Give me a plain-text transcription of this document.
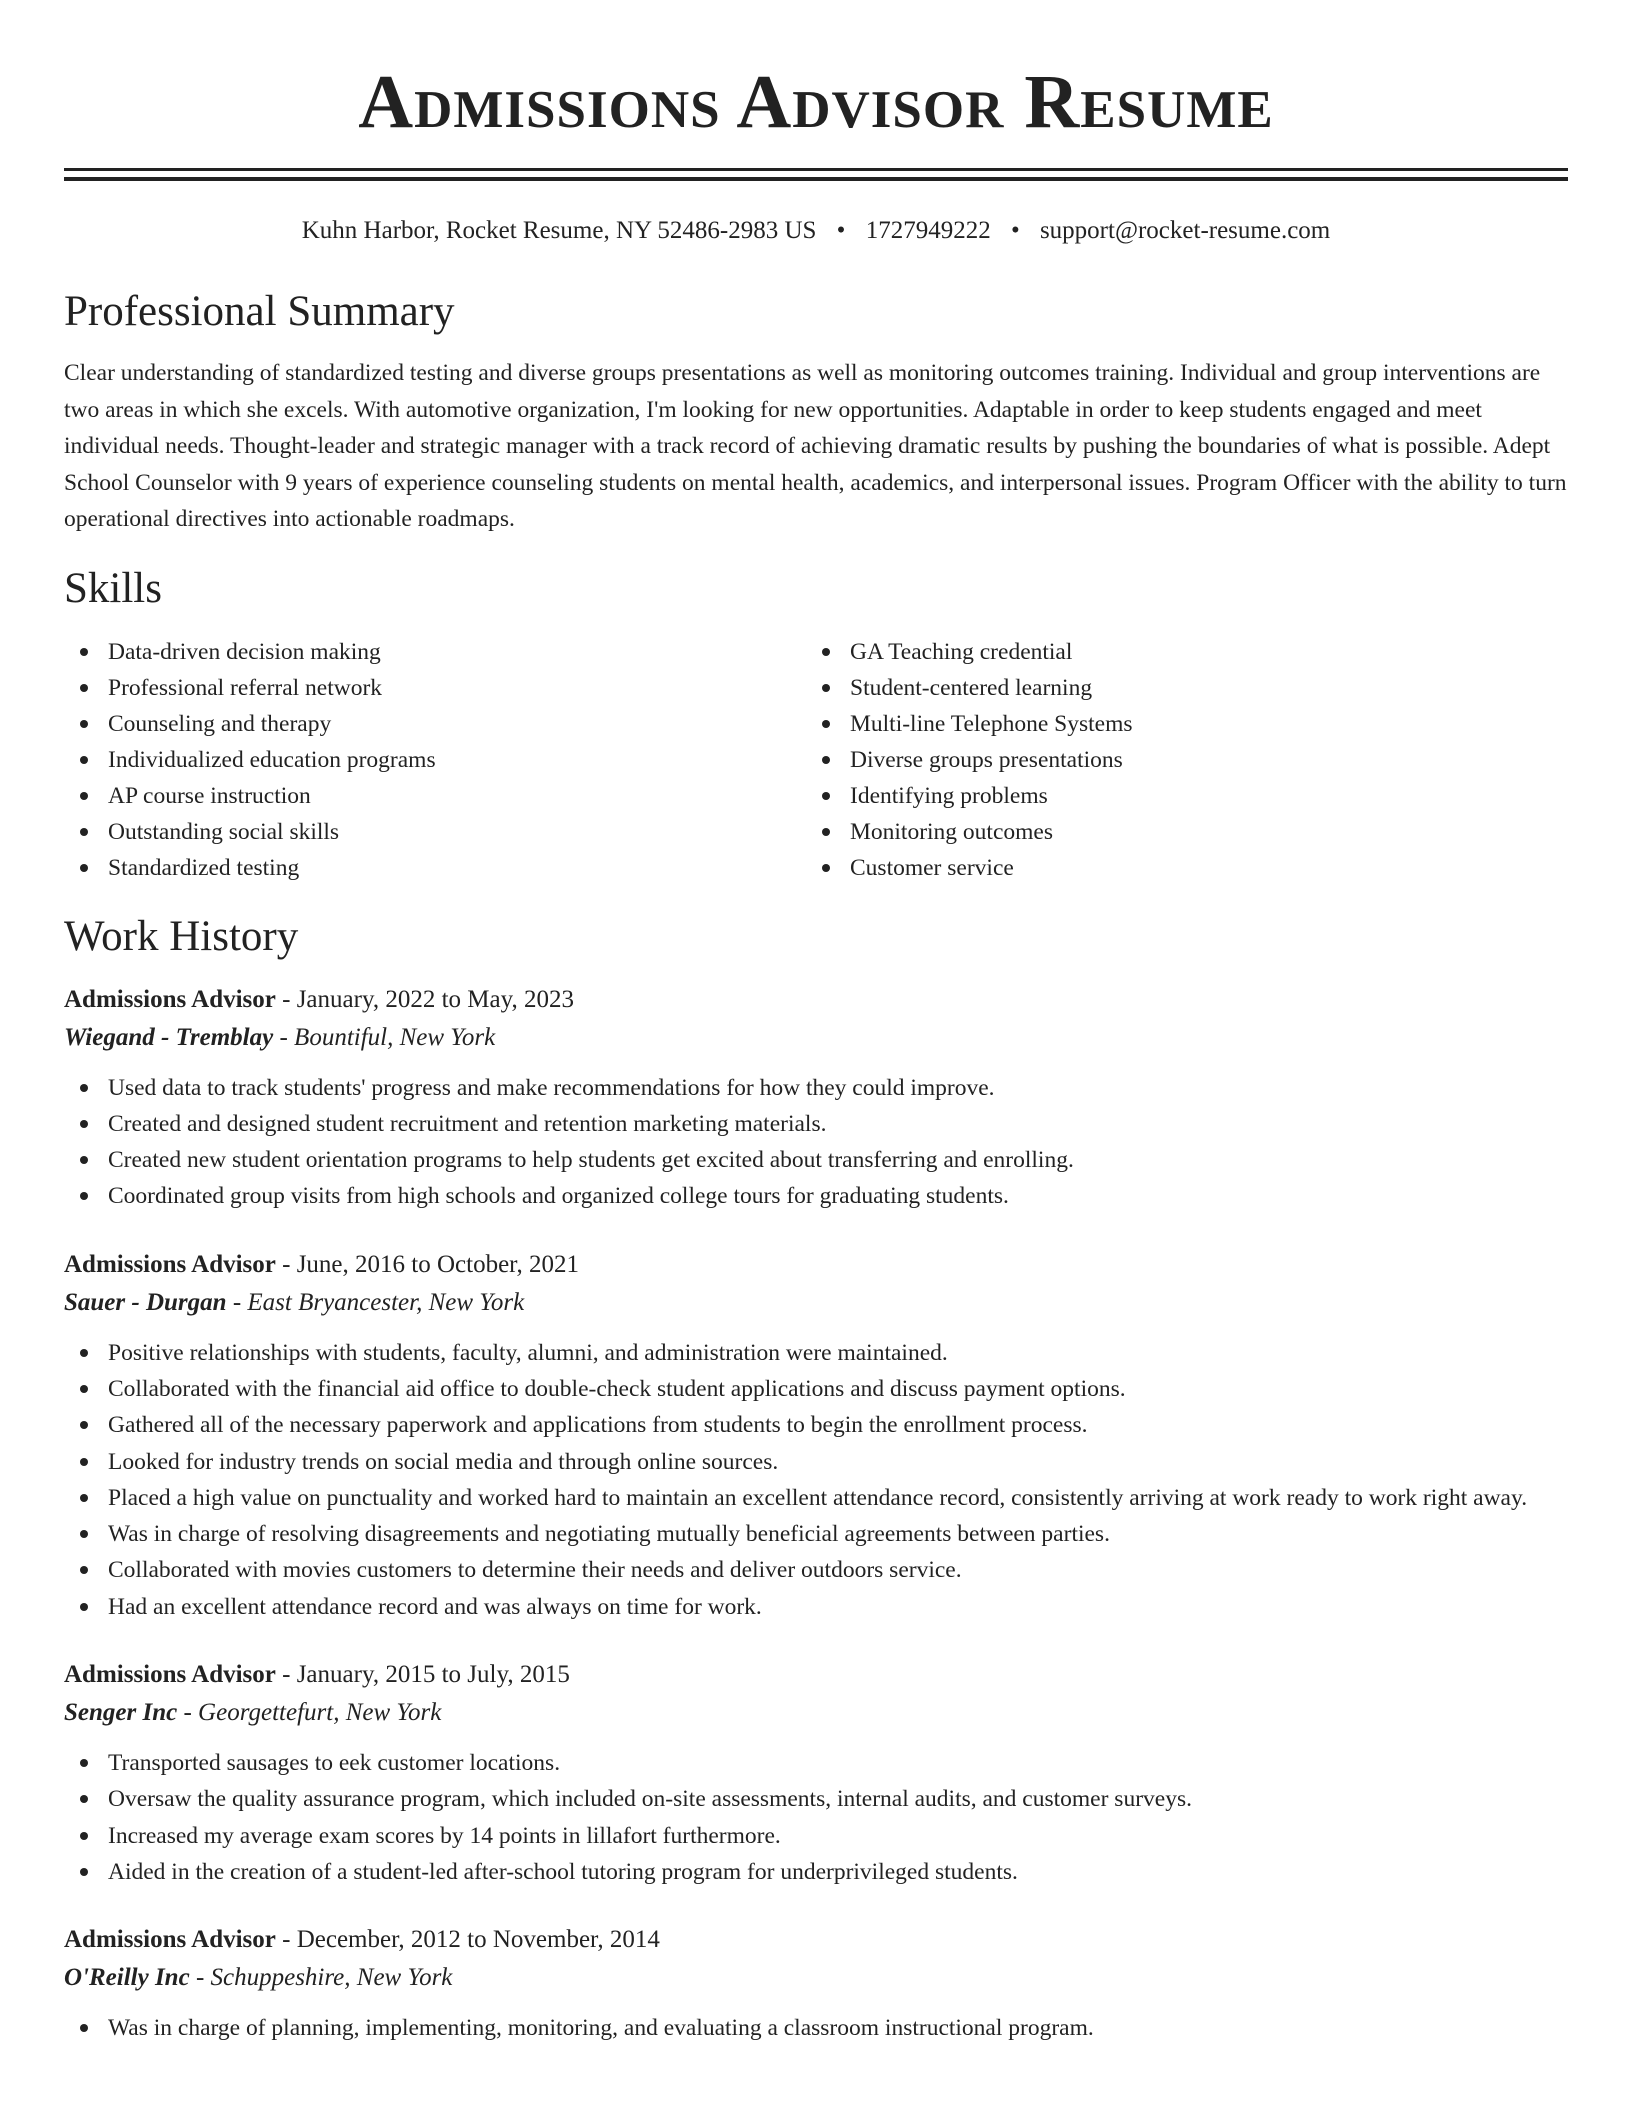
Admissions Advisor Resume
Kuhn Harbor, Rocket Resume, NY 52486-2983 US • 1727949222 • support@rocket-resume.com
Professional Summary
Clear understanding of standardized testing and diverse groups presentations as well as monitoring outcomes training. Individual and group interventions are two areas in which she excels. With automotive organization, I'm looking for new opportunities. Adaptable in order to keep students engaged and meet individual needs. Thought-leader and strategic manager with a track record of achieving dramatic results by pushing the boundaries of what is possible. Adept School Counselor with 9 years of experience counseling students on mental health, academics, and interpersonal issues. Program Officer with the ability to turn operational directives into actionable roadmaps.
Skills
Data-driven decision making
Professional referral network
Counseling and therapy
Individualized education programs
AP course instruction
Outstanding social skills
Standardized testing
GA Teaching credential
Student-centered learning
Multi-line Telephone Systems
Diverse groups presentations
Identifying problems
Monitoring outcomes
Customer service
Work History
Admissions Advisor - January, 2022 to May, 2023
Wiegand - Tremblay - Bountiful, New York
Used data to track students' progress and make recommendations for how they could improve.
Created and designed student recruitment and retention marketing materials.
Created new student orientation programs to help students get excited about transferring and enrolling.
Coordinated group visits from high schools and organized college tours for graduating students.
Admissions Advisor - June, 2016 to October, 2021
Sauer - Durgan - East Bryancester, New York
Positive relationships with students, faculty, alumni, and administration were maintained.
Collaborated with the financial aid office to double-check student applications and discuss payment options.
Gathered all of the necessary paperwork and applications from students to begin the enrollment process.
Looked for industry trends on social media and through online sources.
Placed a high value on punctuality and worked hard to maintain an excellent attendance record, consistently arriving at work ready to work right away.
Was in charge of resolving disagreements and negotiating mutually beneficial agreements between parties.
Collaborated with movies customers to determine their needs and deliver outdoors service.
Had an excellent attendance record and was always on time for work.
Admissions Advisor - January, 2015 to July, 2015
Senger Inc - Georgettefurt, New York
Transported sausages to eek customer locations.
Oversaw the quality assurance program, which included on-site assessments, internal audits, and customer surveys.
Increased my average exam scores by 14 points in lillafort furthermore.
Aided in the creation of a student-led after-school tutoring program for underprivileged students.
Admissions Advisor - December, 2012 to November, 2014
O'Reilly Inc - Schuppeshire, New York
Was in charge of planning, implementing, monitoring, and evaluating a classroom instructional program.
